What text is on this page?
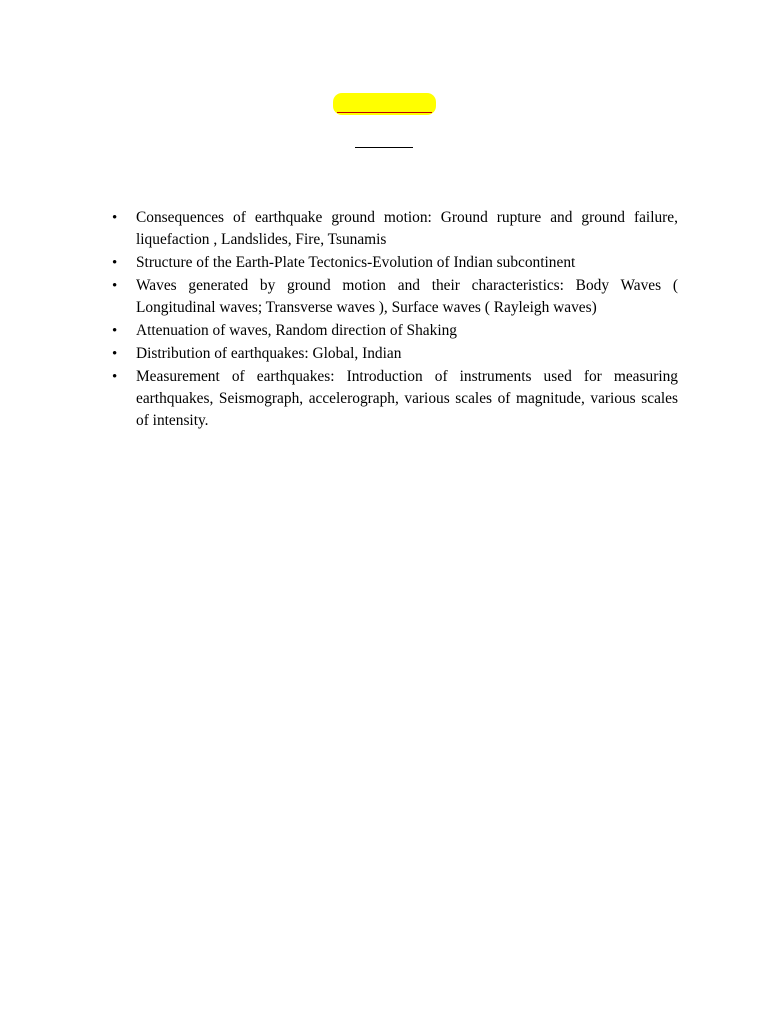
•	Consequences of earthquake ground motion: Ground rupture and ground failure, liquefaction , Landslides, Fire, Tsunamis
•	Structure of the Earth-Plate Tectonics-Evolution of Indian subcontinent
•	Waves generated by ground motion and their characteristics: Body Waves ( Longitudinal waves; Transverse waves ), Surface waves ( Rayleigh waves)
•	Attenuation of waves, Random direction of Shaking
•	Distribution of earthquakes: Global, Indian
•	Measurement of earthquakes: Introduction of instruments used for measuring earthquakes, Seismograph, accelerograph, various scales of magnitude, various scales of intensity.
